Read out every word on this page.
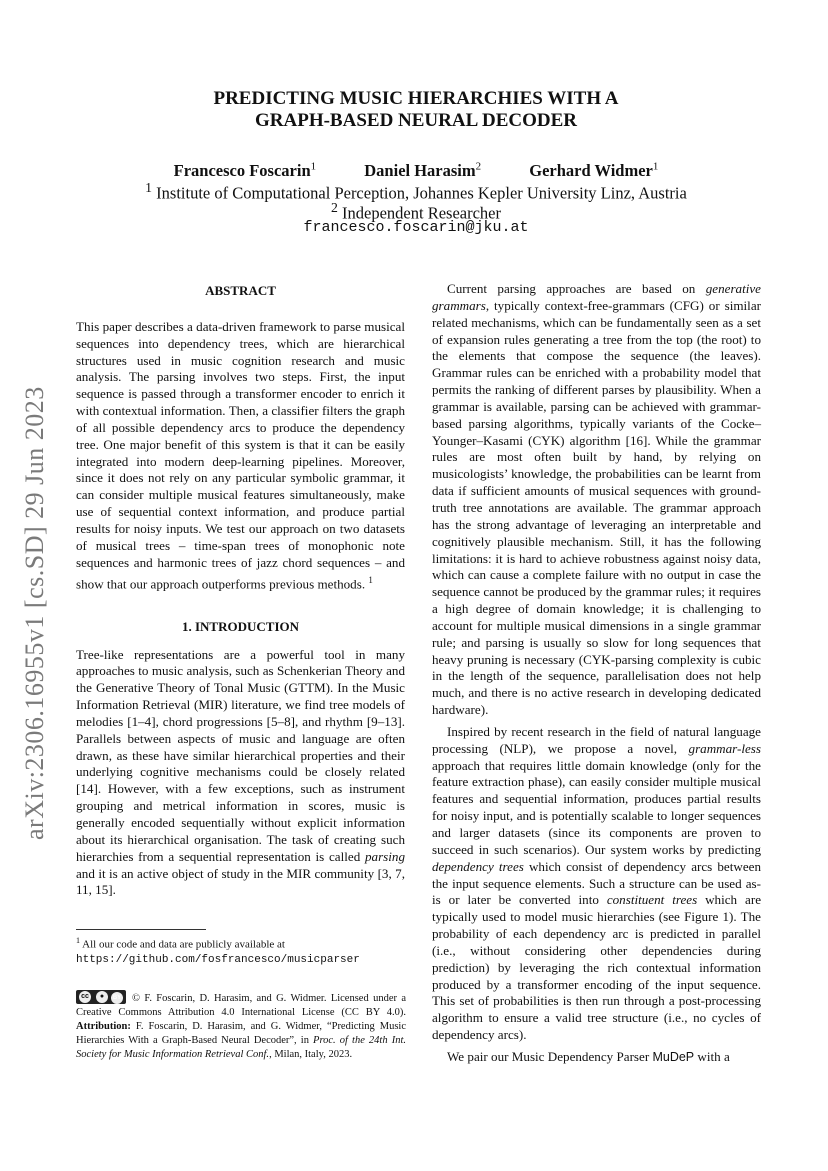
arXiv:2306.16955v1 [cs.SD] 29 Jun 2023
PREDICTING MUSIC HIERARCHIES WITH A
GRAPH-BASED NEURAL DECODER
Francesco Foscarin$^1$	Daniel Harasim$^2$	Gerhard Widmer$^1$
$^1$ Institute of Computational Perception, Johannes Kepler University Linz, Austria
$^2$ Independent Researcher
francesco.foscarin@jku.at
ABSTRACT

This paper describes a data-driven framework to parse musical sequences into dependency trees, which are hierarchical structures used in music cognition research and music analysis. The parsing involves two steps. First, the input sequence is passed through a transformer encoder to enrich it with contextual information. Then, a classifier filters the graph of all possible dependency arcs to produce the dependency tree. One major benefit of this system is that it can be easily integrated into modern deep-learning pipelines. Moreover, since it does not rely on any particular symbolic grammar, it can consider multiple musical features simultaneously, make use of sequential context information, and produce partial results for noisy inputs. We test our approach on two datasets of musical trees – time-span trees of monophonic note sequences and harmonic trees of jazz chord sequences – and show that our approach outperforms previous methods. $^1$

1. INTRODUCTION

Tree-like representations are a powerful tool in many approaches to music analysis, such as Schenkerian Theory and the Generative Theory of Tonal Music (GTTM). In the Music Information Retrieval (MIR) literature, we find tree models of melodies [1–4], chord progressions [5–8], and rhythm [9–13]. Parallels between aspects of music and language are often drawn, as these have similar hierarchical properties and their underlying cognitive mechanisms could be closely related [14]. However, with a few exceptions, such as instrument grouping and metrical information in scores, music is generally encoded sequentially without explicit information about its hierarchical organisation. The task of creating such hierarchies from a sequential representation is called parsing and it is an active object of study in the MIR community [3, 7, 11, 15].

$^1$ All our code and data are publicly available at https://github.com/fosfrancesco/musicparser
cc	●	BY © F. Foscarin, D. Harasim, and G. Widmer. Licensed under a Creative Commons Attribution 4.0 International License (CC BY 4.0). Attribution: F. Foscarin, D. Harasim, and G. Widmer, “Predicting Music Hierarchies With a Graph-Based Neural Decoder”, in Proc. of the 24th Int. Society for Music Information Retrieval Conf., Milan, Italy, 2023.

Current parsing approaches are based on generative grammars, typically context-free-grammars (CFG) or similar related mechanisms, which can be fundamentally seen as a set of expansion rules generating a tree from the top (the root) to the elements that compose the sequence (the leaves). Grammar rules can be enriched with a probability model that permits the ranking of different parses by plausibility. When a grammar is available, parsing can be achieved with grammar-based parsing algorithms, typically variants of the Cocke–Younger–Kasami (CYK) algorithm [16]. While the grammar rules are most often built by hand, by relying on musicologists’ knowledge, the probabilities can be learnt from data if sufficient amounts of musical sequences with ground-truth tree annotations are available. The grammar approach has the strong advantage of leveraging an interpretable and cognitively plausible mechanism. Still, it has the following limitations: it is hard to achieve robustness against noisy data, which can cause a complete failure with no output in case the sequence cannot be produced by the grammar rules; it requires a high degree of domain knowledge; it is challenging to account for multiple musical dimensions in a single grammar rule; and parsing is usually so slow for long sequences that heavy pruning is necessary (CYK-parsing complexity is cubic in the length of the sequence, parallelisation does not help much, and there is no active research in developing dedicated hardware).

Inspired by recent research in the field of natural language processing (NLP), we propose a novel, grammar-less approach that requires little domain knowledge (only for the feature extraction phase), can easily consider multiple musical features and sequential information, produces partial results for noisy input, and is potentially scalable to longer sequences and larger datasets (since its components are proven to succeed in such scenarios). Our system works by predicting dependency trees which consist of dependency arcs between the input sequence elements. Such a structure can be used as-is or later be converted into constituent trees which are typically used to model music hierarchies (see Figure 1). The probability of each dependency arc is predicted in parallel (i.e., without considering other dependencies during prediction) by leveraging the rich contextual information produced by a transformer encoding of the input sequence. This set of probabilities is then run through a post-processing algorithm to ensure a valid tree structure (i.e., no cycles of dependency arcs).

We pair our Music Dependency Parser MuDeP with a
